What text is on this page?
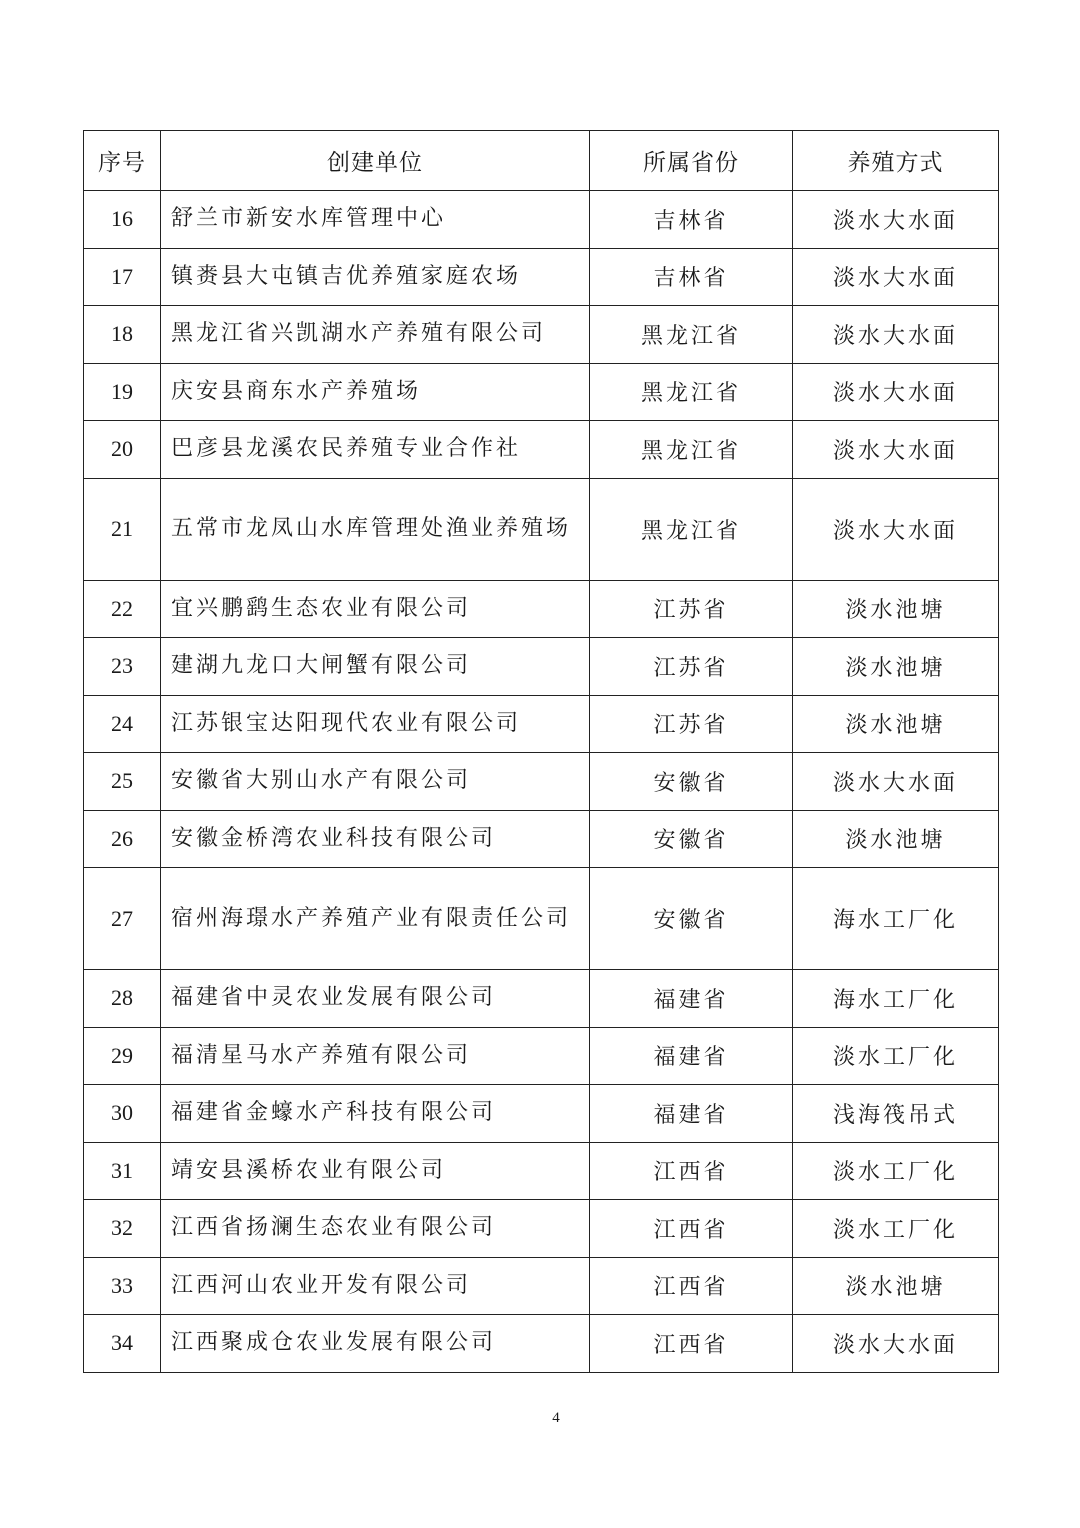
序号	创建单位	所属省份	养殖方式
16	舒兰市新安水库管理中心	吉林省	淡水大水面
17	镇赉县大屯镇吉优养殖家庭农场	吉林省	淡水大水面
18	黑龙江省兴凯湖水产养殖有限公司	黑龙江省	淡水大水面
19	庆安县商东水产养殖场	黑龙江省	淡水大水面
20	巴彦县龙溪农民养殖专业合作社	黑龙江省	淡水大水面
21	五常市龙凤山水库管理处渔业养殖场	黑龙江省	淡水大水面
22	宜兴鹏鹞生态农业有限公司	江苏省	淡水池塘
23	建湖九龙口大闸蟹有限公司	江苏省	淡水池塘
24	江苏银宝达阳现代农业有限公司	江苏省	淡水池塘
25	安徽省大别山水产有限公司	安徽省	淡水大水面
26	安徽金桥湾农业科技有限公司	安徽省	淡水池塘
27	宿州海璟水产养殖产业有限责任公司	安徽省	海水工厂化
28	福建省中灵农业发展有限公司	福建省	海水工厂化
29	福清星马水产养殖有限公司	福建省	淡水工厂化
30	福建省金蠔水产科技有限公司	福建省	浅海筏吊式
31	靖安县溪桥农业有限公司	江西省	淡水工厂化
32	江西省扬澜生态农业有限公司	江西省	淡水工厂化
33	江西河山农业开发有限公司	江西省	淡水池塘
34	江西聚成仓农业发展有限公司	江西省	淡水大水面
4
